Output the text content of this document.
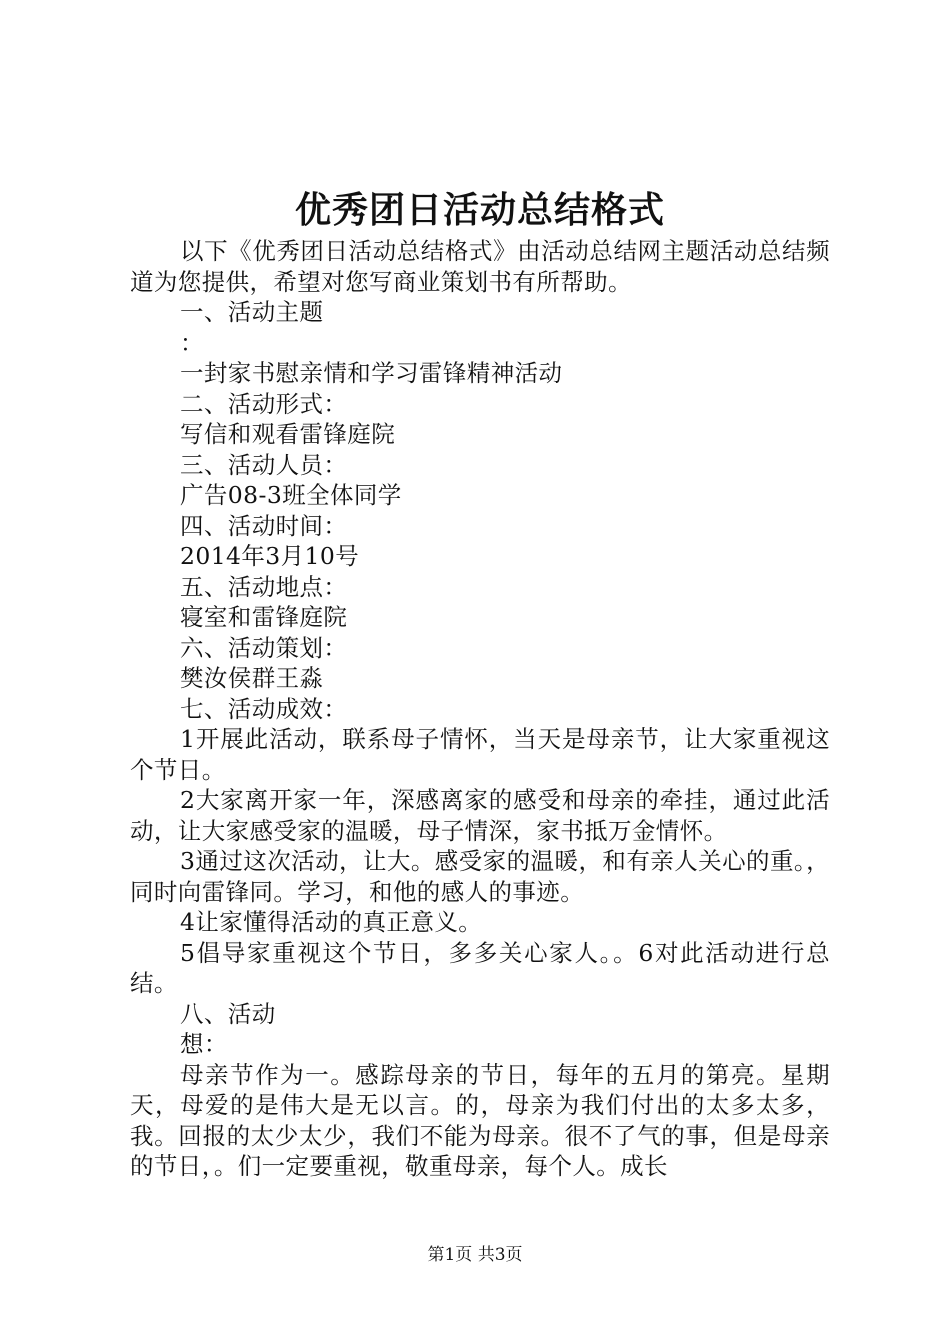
优秀团日活动总结格式

以下《优秀团日活动总结格式》由活动总结网主题活动总结频道为您提供，希望对您写商业策划书有所帮助。

一、活动主题

：

一封家书慰亲情和学习雷锋精神活动

二、活动形式：

写信和观看雷锋庭院

三、活动人员：

广告08-3班全体同学

四、活动时间：

2014年3月10号

五、活动地点：

寝室和雷锋庭院

六、活动策划：

樊汝侯群王淼

七、活动成效：

1开展此活动，联系母子情怀，当天是母亲节，让大家重视这个节日。

2大家离开家一年，深感离家的感受和母亲的牵挂，通过此活动，让大家感受家的温暖，母子情深，家书抵万金情怀。

3通过这次活动，让大。感受家的温暖，和有亲人关心的重。，同时向雷锋同。学习，和他的感人的事迹。

4让家懂得活动的真正意义。

5倡导家重视这个节日，多多关心家人。。6对此活动进行总结。

八、活动

想：

母亲节作为一。感踪母亲的节日，每年的五月的第亮。星期天，母爱的是伟大是无以言。的，母亲为我们付出的太多太多，我。回报的太少太少，我们不能为母亲。很不了气的事，但是母亲的节日，。们一定要重视，敬重母亲，每个人。成长

第1页 共3页
